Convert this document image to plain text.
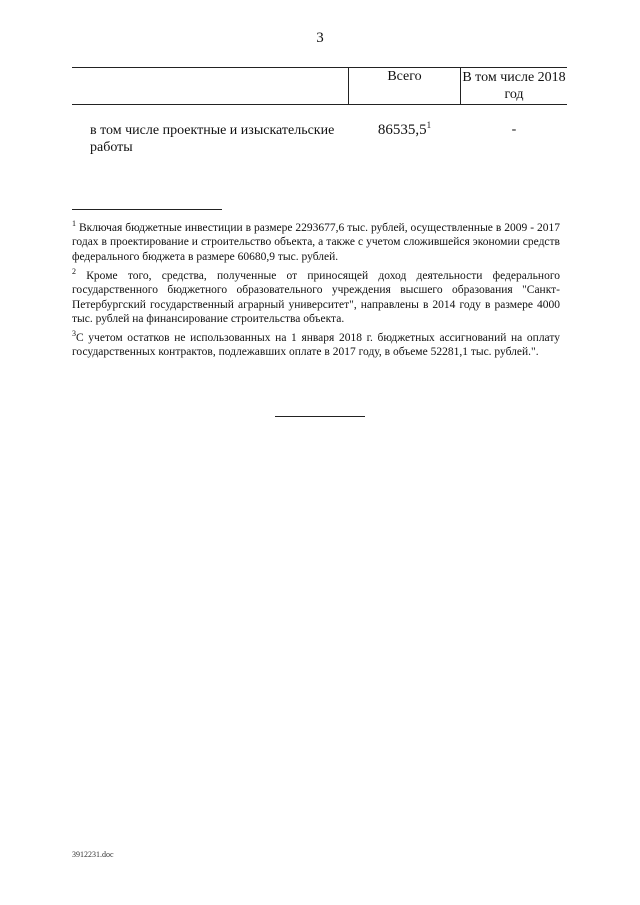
3
Всего	В том числе 2018 год
в том числе проектные и изыскательские работы
86535,5$^1$	-

$^1$ Включая бюджетные инвестиции в размере 2293677,6 тыс. рублей, осуществленные в 2009 - 2017 годах в проектирование и строительство объекта, а также с учетом сложившейся экономии средств федерального бюджета в размере 60680,9 тыс. рублей.

$^2$ Кроме того, средства, полученные от приносящей доход деятельности федерального государственного бюджетного образовательного учреждения высшего образования "Санкт-Петербургский государственный аграрный университет", направлены в 2014 году в размере 4000 тыс. рублей на финансирование строительства объекта.

$^3$С учетом остатков не использованных на 1 января 2018 г. бюджетных ассигнований на оплату государственных контрактов, подлежавших оплате в 2017 году, в объеме 52281,1 тыс. рублей.".

3912231.doc
